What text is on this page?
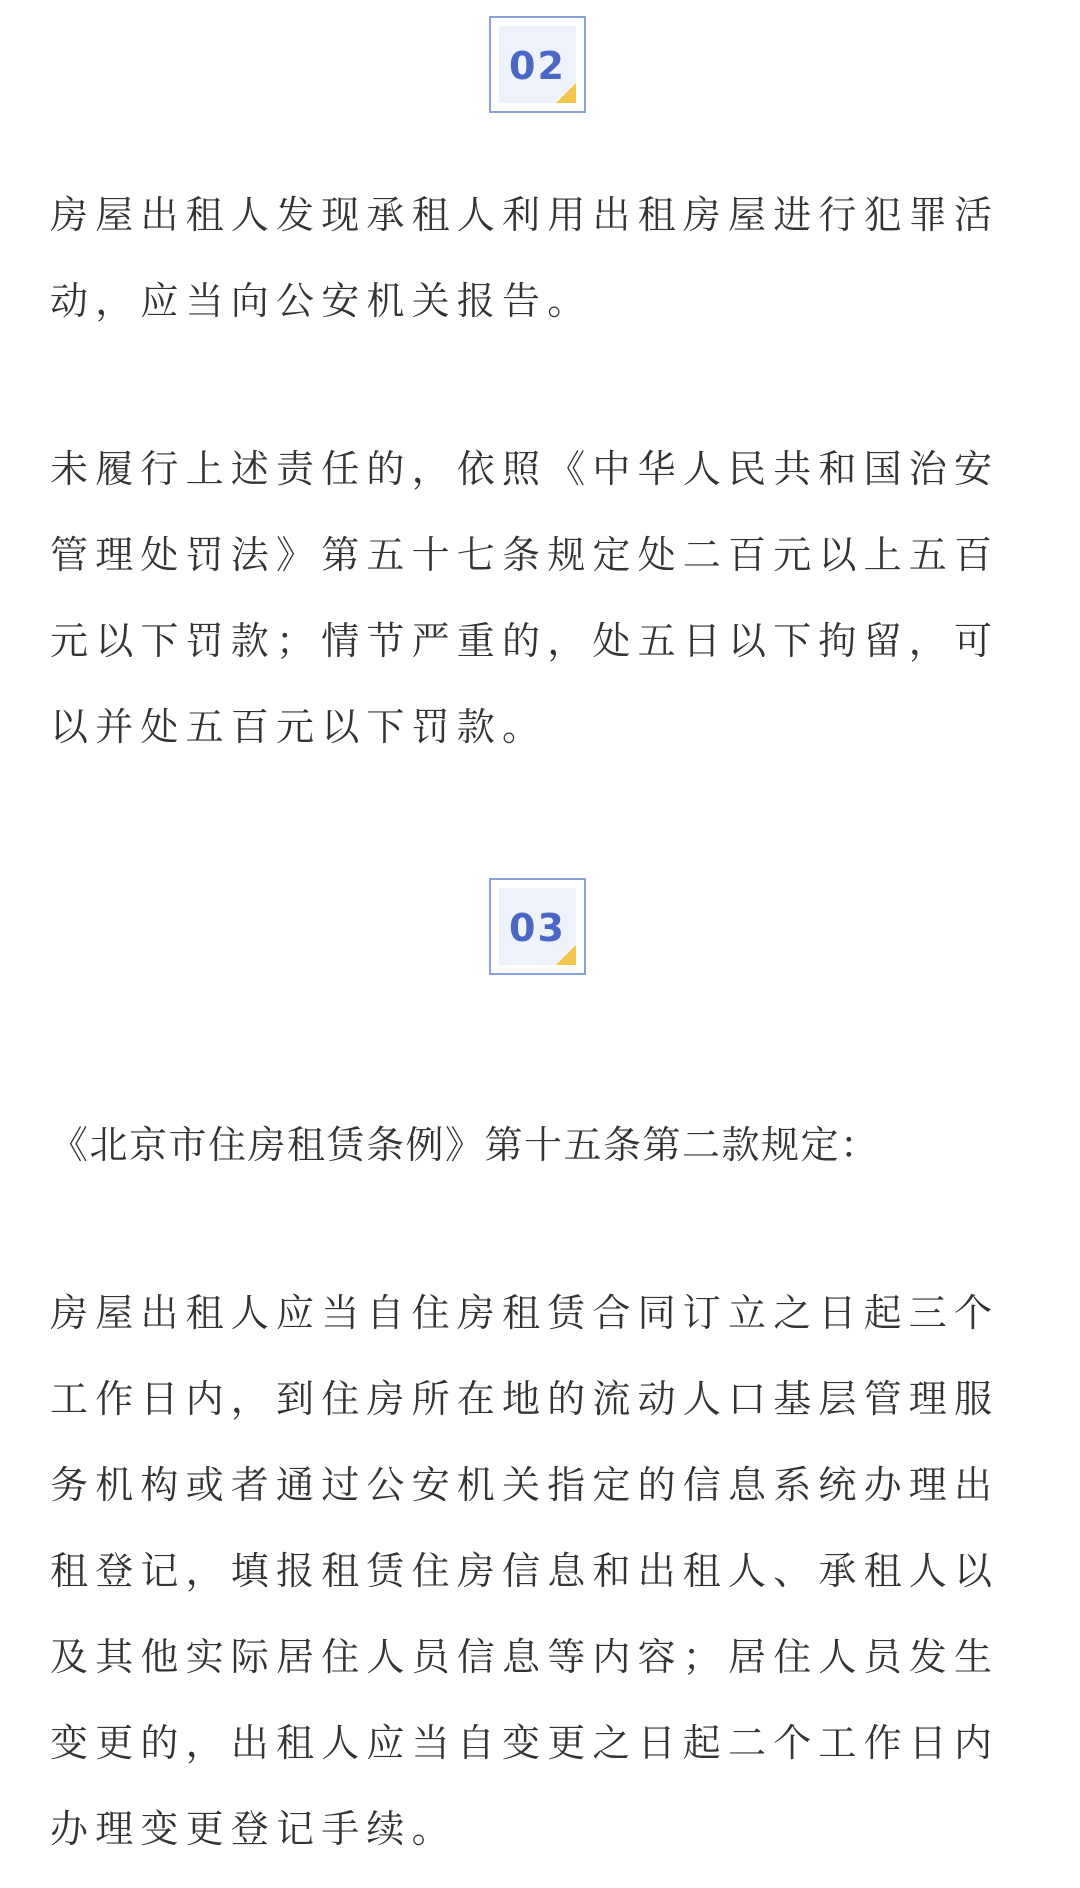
02

房屋出租人发现承租人利用出租房屋进行犯罪活动，应当向公安机关报告。

未履行上述责任的，依照《中华人民共和国治安管理处罚法》第五十七条规定处二百元以上五百元以下罚款；情节严重的，处五日以下拘留，可以并处五百元以下罚款。

03

《北京市住房租赁条例》第十五条第二款规定：

房屋出租人应当自住房租赁合同订立之日起三个工作日内，到住房所在地的流动人口基层管理服务机构或者通过公安机关指定的信息系统办理出租登记，填报租赁住房信息和出租人、承租人以及其他实际居住人员信息等内容；居住人员发生变更的，出租人应当自变更之日起二个工作日内办理变更登记手续。
